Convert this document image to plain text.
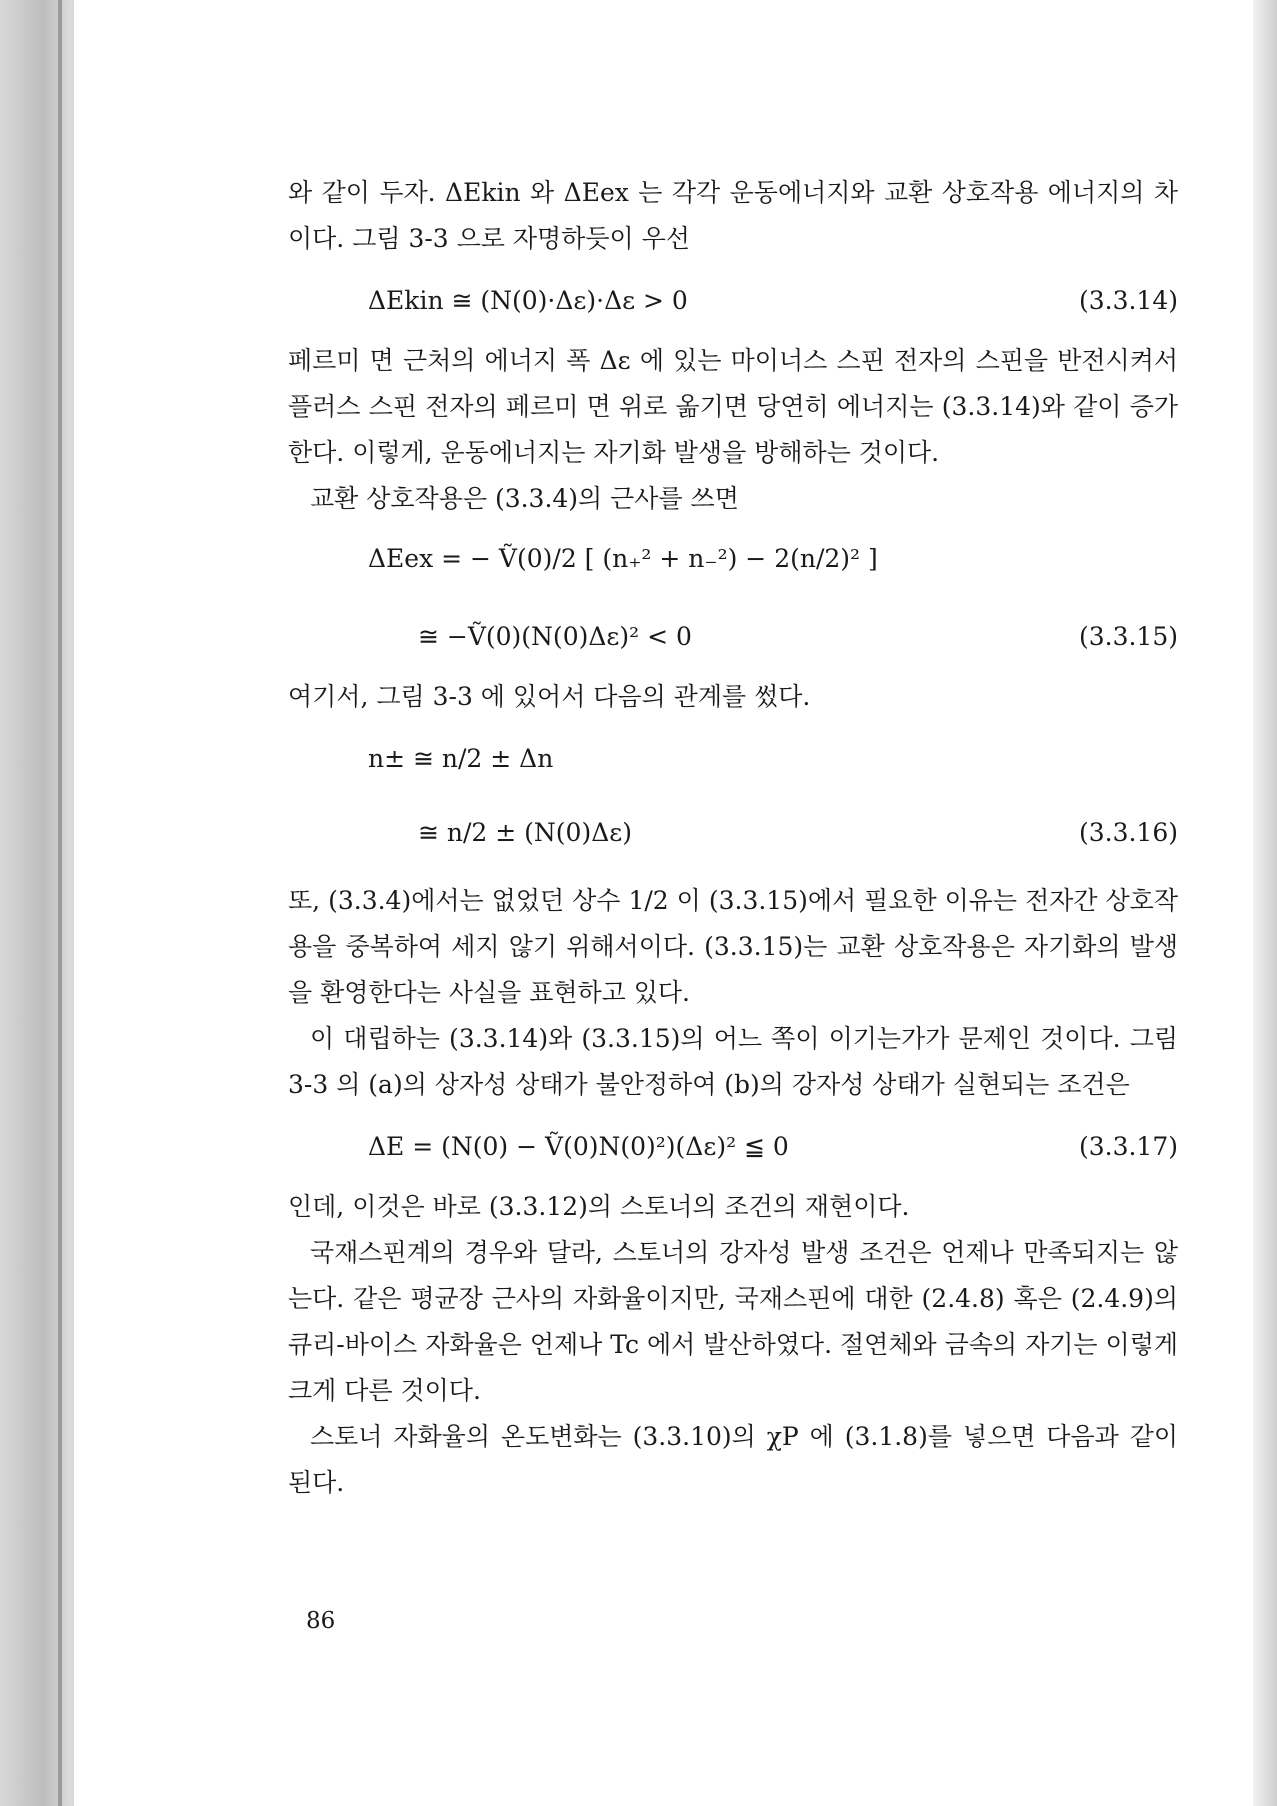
와 같이 두자. ΔEkin 와 ΔEex 는 각각 운동에너지와 교환 상호작용 에너지의 차이다. 그림 3-3 으로 자명하듯이 우선

ΔEkin ≅ (N(0)·Δε)·Δε > 0	(3.3.14)

페르미 면 근처의 에너지 폭 Δε 에 있는 마이너스 스핀 전자의 스핀을 반전시켜서 플러스 스핀 전자의 페르미 면 위로 옮기면 당연히 에너지는 (3.3.14)와 같이 증가한다. 이렇게, 운동에너지는 자기화 발생을 방해하는 것이다.

교환 상호작용은 (3.3.4)의 근사를 쓰면

ΔEex = − Ṽ(0)/2 [ (n₊² + n₋²) − 2(n/2)² ]
≅ −Ṽ(0)(N(0)Δε)² < 0	(3.3.15)

여기서, 그림 3-3 에 있어서 다음의 관계를 썼다.

n± ≅ n/2 ± Δn
≅ n/2 ± (N(0)Δε)	(3.3.16)

또, (3.3.4)에서는 없었던 상수 1/2 이 (3.3.15)에서 필요한 이유는 전자간 상호작용을 중복하여 세지 않기 위해서이다. (3.3.15)는 교환 상호작용은 자기화의 발생을 환영한다는 사실을 표현하고 있다.

이 대립하는 (3.3.14)와 (3.3.15)의 어느 쪽이 이기는가가 문제인 것이다. 그림 3-3 의 (a)의 상자성 상태가 불안정하여 (b)의 강자성 상태가 실현되는 조건은

ΔE = (N(0) − Ṽ(0)N(0)²)(Δε)² ≦ 0	(3.3.17)

인데, 이것은 바로 (3.3.12)의 스토너의 조건의 재현이다.

국재스핀계의 경우와 달라, 스토너의 강자성 발생 조건은 언제나 만족되지는 않는다. 같은 평균장 근사의 자화율이지만, 국재스핀에 대한 (2.4.8) 혹은 (2.4.9)의 큐리-바이스 자화율은 언제나 Tc 에서 발산하였다. 절연체와 금속의 자기는 이렇게 크게 다른 것이다.

스토너 자화율의 온도변화는 (3.3.10)의 χP 에 (3.1.8)를 넣으면 다음과 같이 된다.

86
